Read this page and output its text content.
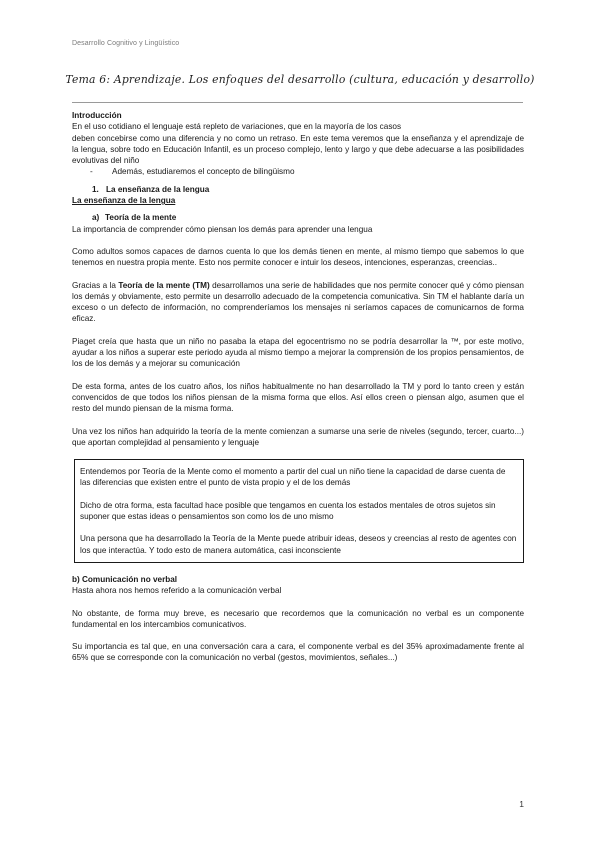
Desarrollo Cognitivo y Lingüístico
Tema 6: Aprendizaje. Los enfoques del desarrollo (cultura, educación y desarrollo)

Introducción

En el uso cotidiano el lenguaje está repleto de variaciones, que en la mayoría de los casos

deben concebirse como una diferencia y no como un retraso. En este tema veremos que la enseñanza y el aprendizaje de la lengua, sobre todo en Educación Infantil, es un proceso complejo, lento y largo y que debe adecuarse a las posibilidades evolutivas del niño

- Además, estudiaremos el concepto de bilingüismo

1. La enseñanza de la lengua

La enseñanza de la lengua

a) Teoría de la mente

La importancia de comprender cómo piensan los demás para aprender una lengua

Como adultos somos capaces de darnos cuenta lo que los demás tienen en mente, al mismo tiempo que sabemos lo que tenemos en nuestra propia mente. Esto nos permite conocer e intuir los deseos, intenciones, esperanzas, creencias..

Gracias a la Teoría de la mente (TM) desarrollamos una serie de habilidades que nos permite conocer qué y cómo piensan los demás y obviamente, esto permite un desarrollo adecuado de la competencia comunicativa. Sin TM el hablante daría un exceso o un defecto de información, no comprenderíamos los mensajes ni seríamos capaces de comunicarnos de forma eficaz.

Piaget creía que hasta que un niño no pasaba la etapa del egocentrismo no se podría desarrollar la ™, por este motivo, ayudar a los niños a superar este periodo ayuda al mismo tiempo a mejorar la comprensión de los propios pensamientos, de los de los demás y a mejorar su comunicación

De esta forma, antes de los cuatro años, los niños habitualmente no han desarrollado la TM y pord lo tanto creen y están convencidos de que todos los niños piensan de la misma forma que ellos. Así ellos creen o piensan algo, asumen que el resto del mundo piensan de la misma forma.

Una vez los niños han adquirido la teoría de la mente comienzan a sumarse una serie de niveles (segundo, tercer, cuarto...) que aportan complejidad al pensamiento y lenguaje

Entendemos por Teoría de la Mente como el momento a partir del cual un niño tiene la capacidad de darse cuenta de las diferencias que existen entre el punto de vista propio y el de los demás

Dicho de otra forma, esta facultad hace posible que tengamos en cuenta los estados mentales de otros sujetos sin suponer que estas ideas o pensamientos son como los de uno mismo

Una persona que ha desarrollado la Teoría de la Mente puede atribuir ideas, deseos y creencias al resto de agentes con los que interactúa. Y todo esto de manera automática, casi inconsciente

b) Comunicación no verbal

Hasta ahora nos hemos referido a la comunicación verbal

No obstante, de forma muy breve, es necesario que recordemos que la comunicación no verbal es un componente fundamental en los intercambios comunicativos.

Su importancia es tal que, en una conversación cara a cara, el componente verbal es del 35% aproximadamente frente al 65% que se corresponde con la comunicación no verbal (gestos, movimientos, señales...)

1
